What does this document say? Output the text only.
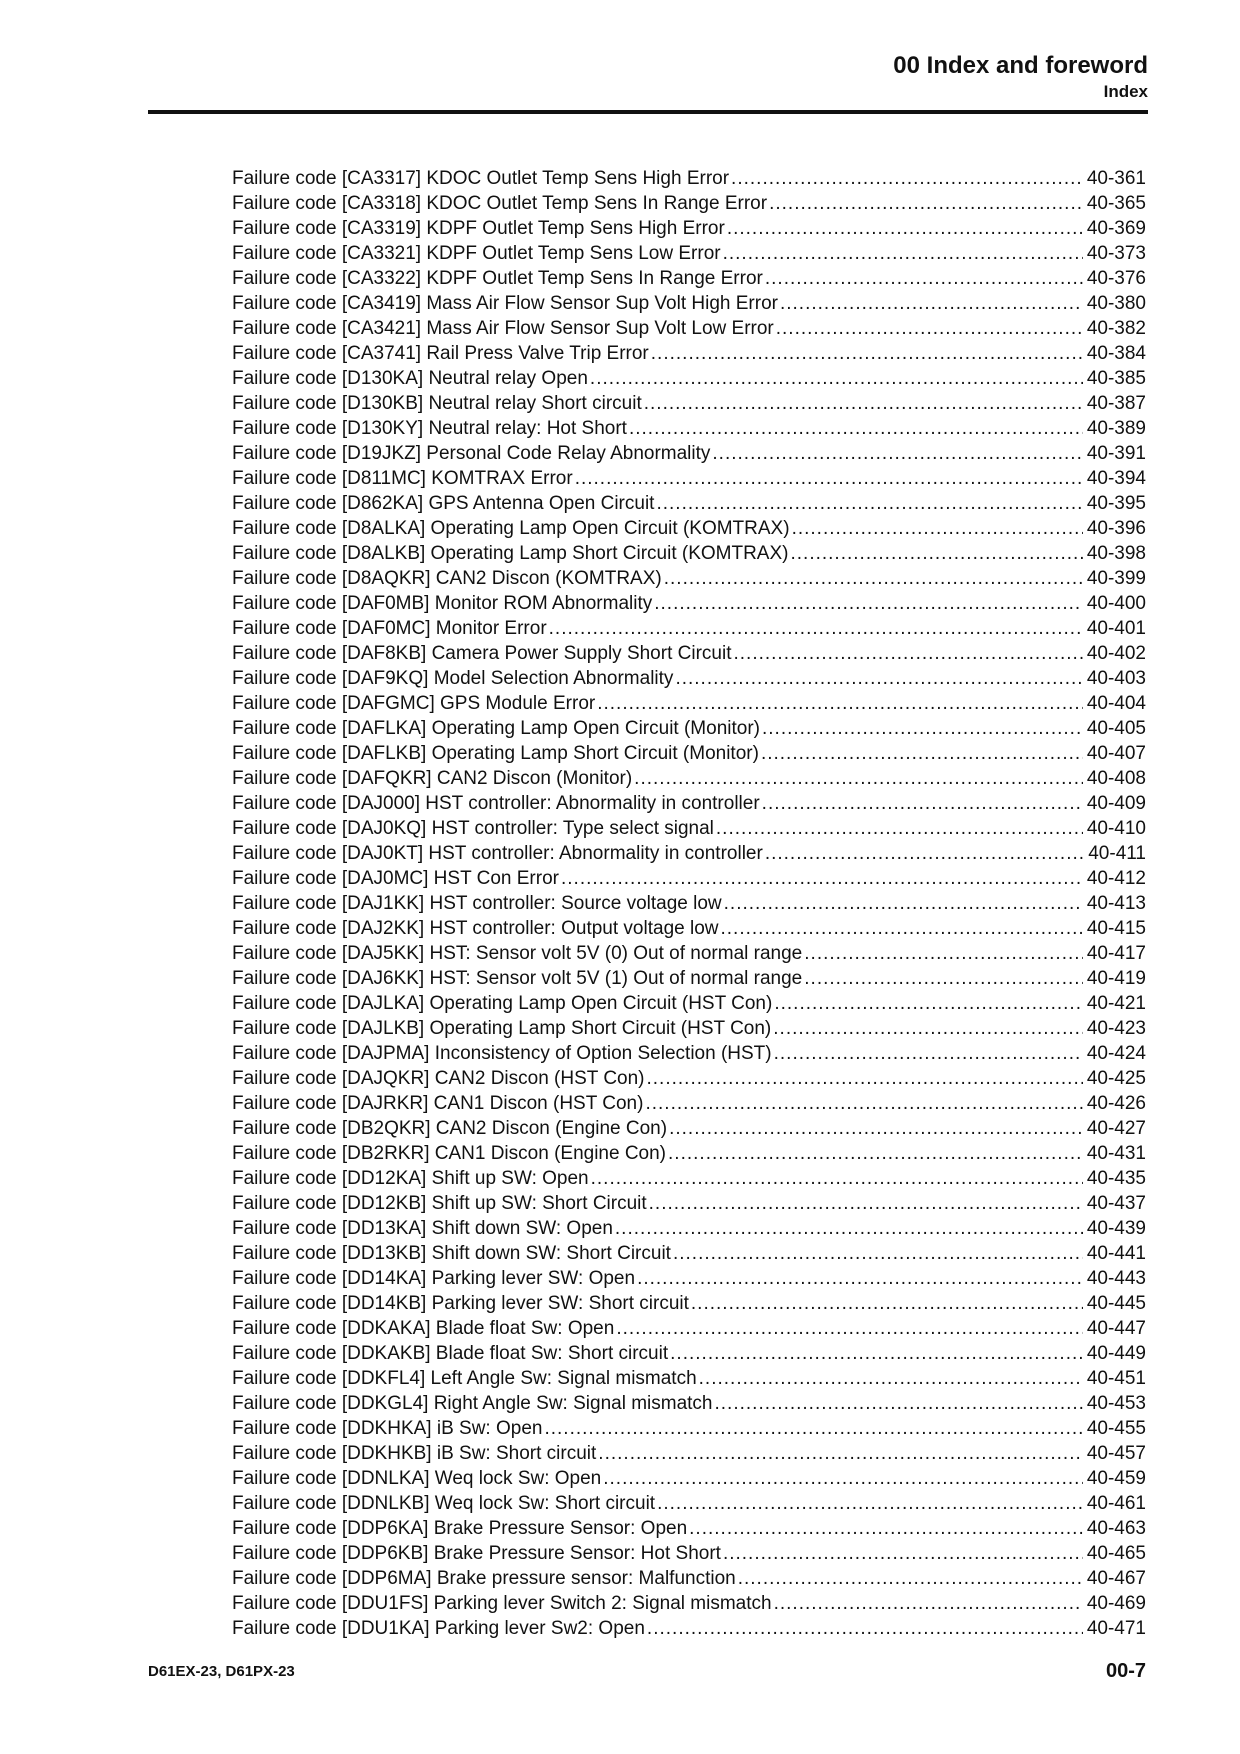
00 Index and foreword
Index
Failure code [CA3317] KDOC Outlet Temp Sens High Error .....	40-361
Failure code [CA3318] KDOC Outlet Temp Sens In Range Error .....	40-365
Failure code [CA3319] KDPF Outlet Temp Sens High Error .....	40-369
Failure code [CA3321] KDPF Outlet Temp Sens Low Error .....	40-373
Failure code [CA3322] KDPF Outlet Temp Sens In Range Error .....	40-376
Failure code [CA3419] Mass Air Flow Sensor Sup Volt High Error .....	40-380
Failure code [CA3421] Mass Air Flow Sensor Sup Volt Low Error .....	40-382
Failure code [CA3741] Rail Press Valve Trip Error .....	40-384
Failure code [D130KA] Neutral relay Open .....	40-385
Failure code [D130KB] Neutral relay Short circuit .....	40-387
Failure code [D130KY] Neutral relay: Hot Short .....	40-389
Failure code [D19JKZ] Personal Code Relay Abnormality .....	40-391
Failure code [D811MC] KOMTRAX Error .....	40-394
Failure code [D862KA] GPS Antenna Open Circuit .....	40-395
Failure code [D8ALKA] Operating Lamp Open Circuit (KOMTRAX) .....	40-396
Failure code [D8ALKB] Operating Lamp Short Circuit (KOMTRAX) .....	40-398
Failure code [D8AQKR] CAN2 Discon (KOMTRAX) .....	40-399
Failure code [DAF0MB] Monitor ROM Abnormality .....	40-400
Failure code [DAF0MC] Monitor Error .....	40-401
Failure code [DAF8KB] Camera Power Supply Short Circuit .....	40-402
Failure code [DAF9KQ] Model Selection Abnormality .....	40-403
Failure code [DAFGMC] GPS Module Error .....	40-404
Failure code [DAFLKA] Operating Lamp Open Circuit (Monitor) .....	40-405
Failure code [DAFLKB] Operating Lamp Short Circuit (Monitor) .....	40-407
Failure code [DAFQKR] CAN2 Discon (Monitor) .....	40-408
Failure code [DAJ000] HST controller: Abnormality in controller .....	40-409
Failure code [DAJ0KQ] HST controller: Type select signal .....	40-410
Failure code [DAJ0KT] HST controller: Abnormality in controller .....	40-411
Failure code [DAJ0MC] HST Con Error .....	40-412
Failure code [DAJ1KK] HST controller: Source voltage low .....	40-413
Failure code [DAJ2KK] HST controller: Output voltage low .....	40-415
Failure code [DAJ5KK] HST: Sensor volt 5V (0) Out of normal range .....	40-417
Failure code [DAJ6KK] HST: Sensor volt 5V (1) Out of normal range .....	40-419
Failure code [DAJLKA] Operating Lamp Open Circuit (HST Con) .....	40-421
Failure code [DAJLKB] Operating Lamp Short Circuit (HST Con) .....	40-423
Failure code [DAJPMA] Inconsistency of Option Selection (HST) .....	40-424
Failure code [DAJQKR] CAN2 Discon (HST Con) .....	40-425
Failure code [DAJRKR] CAN1 Discon (HST Con) .....	40-426
Failure code [DB2QKR] CAN2 Discon (Engine Con) .....	40-427
Failure code [DB2RKR] CAN1 Discon (Engine Con) .....	40-431
Failure code [DD12KA] Shift up SW: Open .....	40-435
Failure code [DD12KB] Shift up SW: Short Circuit .....	40-437
Failure code [DD13KA] Shift down SW: Open .....	40-439
Failure code [DD13KB] Shift down SW: Short Circuit .....	40-441
Failure code [DD14KA] Parking lever SW: Open .....	40-443
Failure code [DD14KB] Parking lever SW: Short circuit .....	40-445
Failure code [DDKAKA] Blade float Sw: Open .....	40-447
Failure code [DDKAKB] Blade float Sw: Short circuit .....	40-449
Failure code [DDKFL4] Left Angle Sw: Signal mismatch .....	40-451
Failure code [DDKGL4] Right Angle Sw: Signal mismatch .....	40-453
Failure code [DDKHKA] iB Sw: Open .....	40-455
Failure code [DDKHKB] iB Sw: Short circuit .....	40-457
Failure code [DDNLKA] Weq lock Sw: Open .....	40-459
Failure code [DDNLKB] Weq lock Sw: Short circuit .....	40-461
Failure code [DDP6KA] Brake Pressure Sensor: Open .....	40-463
Failure code [DDP6KB] Brake Pressure Sensor: Hot Short .....	40-465
Failure code [DDP6MA] Brake pressure sensor: Malfunction .....	40-467
Failure code [DDU1FS] Parking lever Switch 2: Signal mismatch .....	40-469
Failure code [DDU1KA] Parking lever Sw2: Open .....	40-471
D61EX-23, D61PX-23	00-7
